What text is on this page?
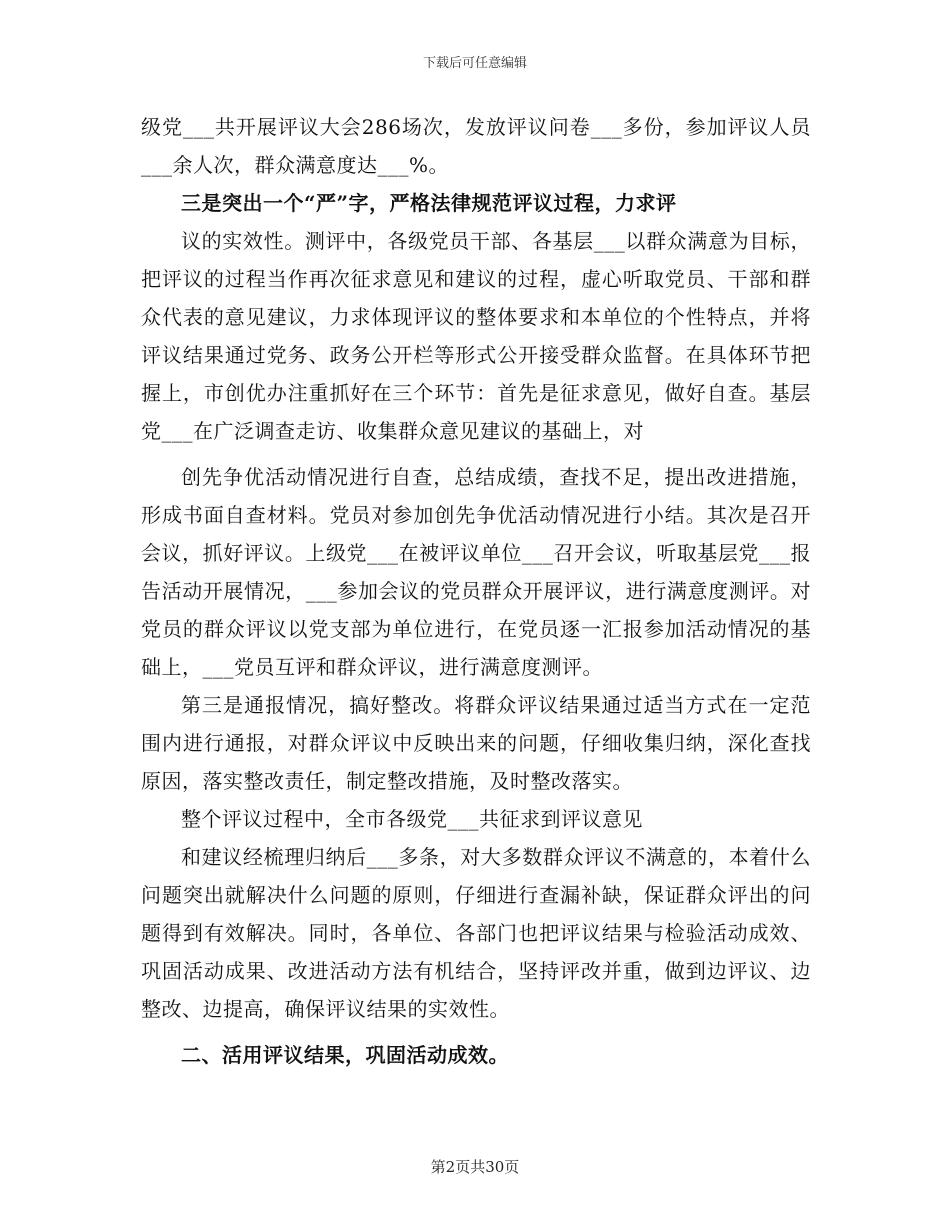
下载后可任意编辑

级党___共开展评议大会286场次，发放评议问卷___多份，参加评议人员___余人次，群众满意度达___%。

三是突出一个“严”字，严格法律规范评议过程，力求评

议的实效性。测评中，各级党员干部、各基层___以群众满意为目标，把评议的过程当作再次征求意见和建议的过程，虚心听取党员、干部和群众代表的意见建议，力求体现评议的整体要求和本单位的个性特点，并将评议结果通过党务、政务公开栏等形式公开接受群众监督。在具体环节把握上，市创优办注重抓好在三个环节：首先是征求意见，做好自查。基层党___在广泛调查走访、收集群众意见建议的基础上，对

创先争优活动情况进行自查，总结成绩，查找不足，提出改进措施，形成书面自查材料。党员对参加创先争优活动情况进行小结。其次是召开会议，抓好评议。上级党___在被评议单位___召开会议，听取基层党___报告活动开展情况，___参加会议的党员群众开展评议，进行满意度测评。对党员的群众评议以党支部为单位进行，在党员逐一汇报参加活动情况的基础上，___党员互评和群众评议，进行满意度测评。

第三是通报情况，搞好整改。将群众评议结果通过适当方式在一定范围内进行通报，对群众评议中反映出来的问题，仔细收集归纳，深化查找原因，落实整改责任，制定整改措施，及时整改落实。

整个评议过程中，全市各级党___共征求到评议意见

和建议经梳理归纳后___多条，对大多数群众评议不满意的，本着什么问题突出就解决什么问题的原则，仔细进行查漏补缺，保证群众评出的问题得到有效解决。同时，各单位、各部门也把评议结果与检验活动成效、巩固活动成果、改进活动方法有机结合，坚持评改并重，做到边评议、边整改、边提高，确保评议结果的实效性。

二、活用评议结果，巩固活动成效。

第2页共30页
